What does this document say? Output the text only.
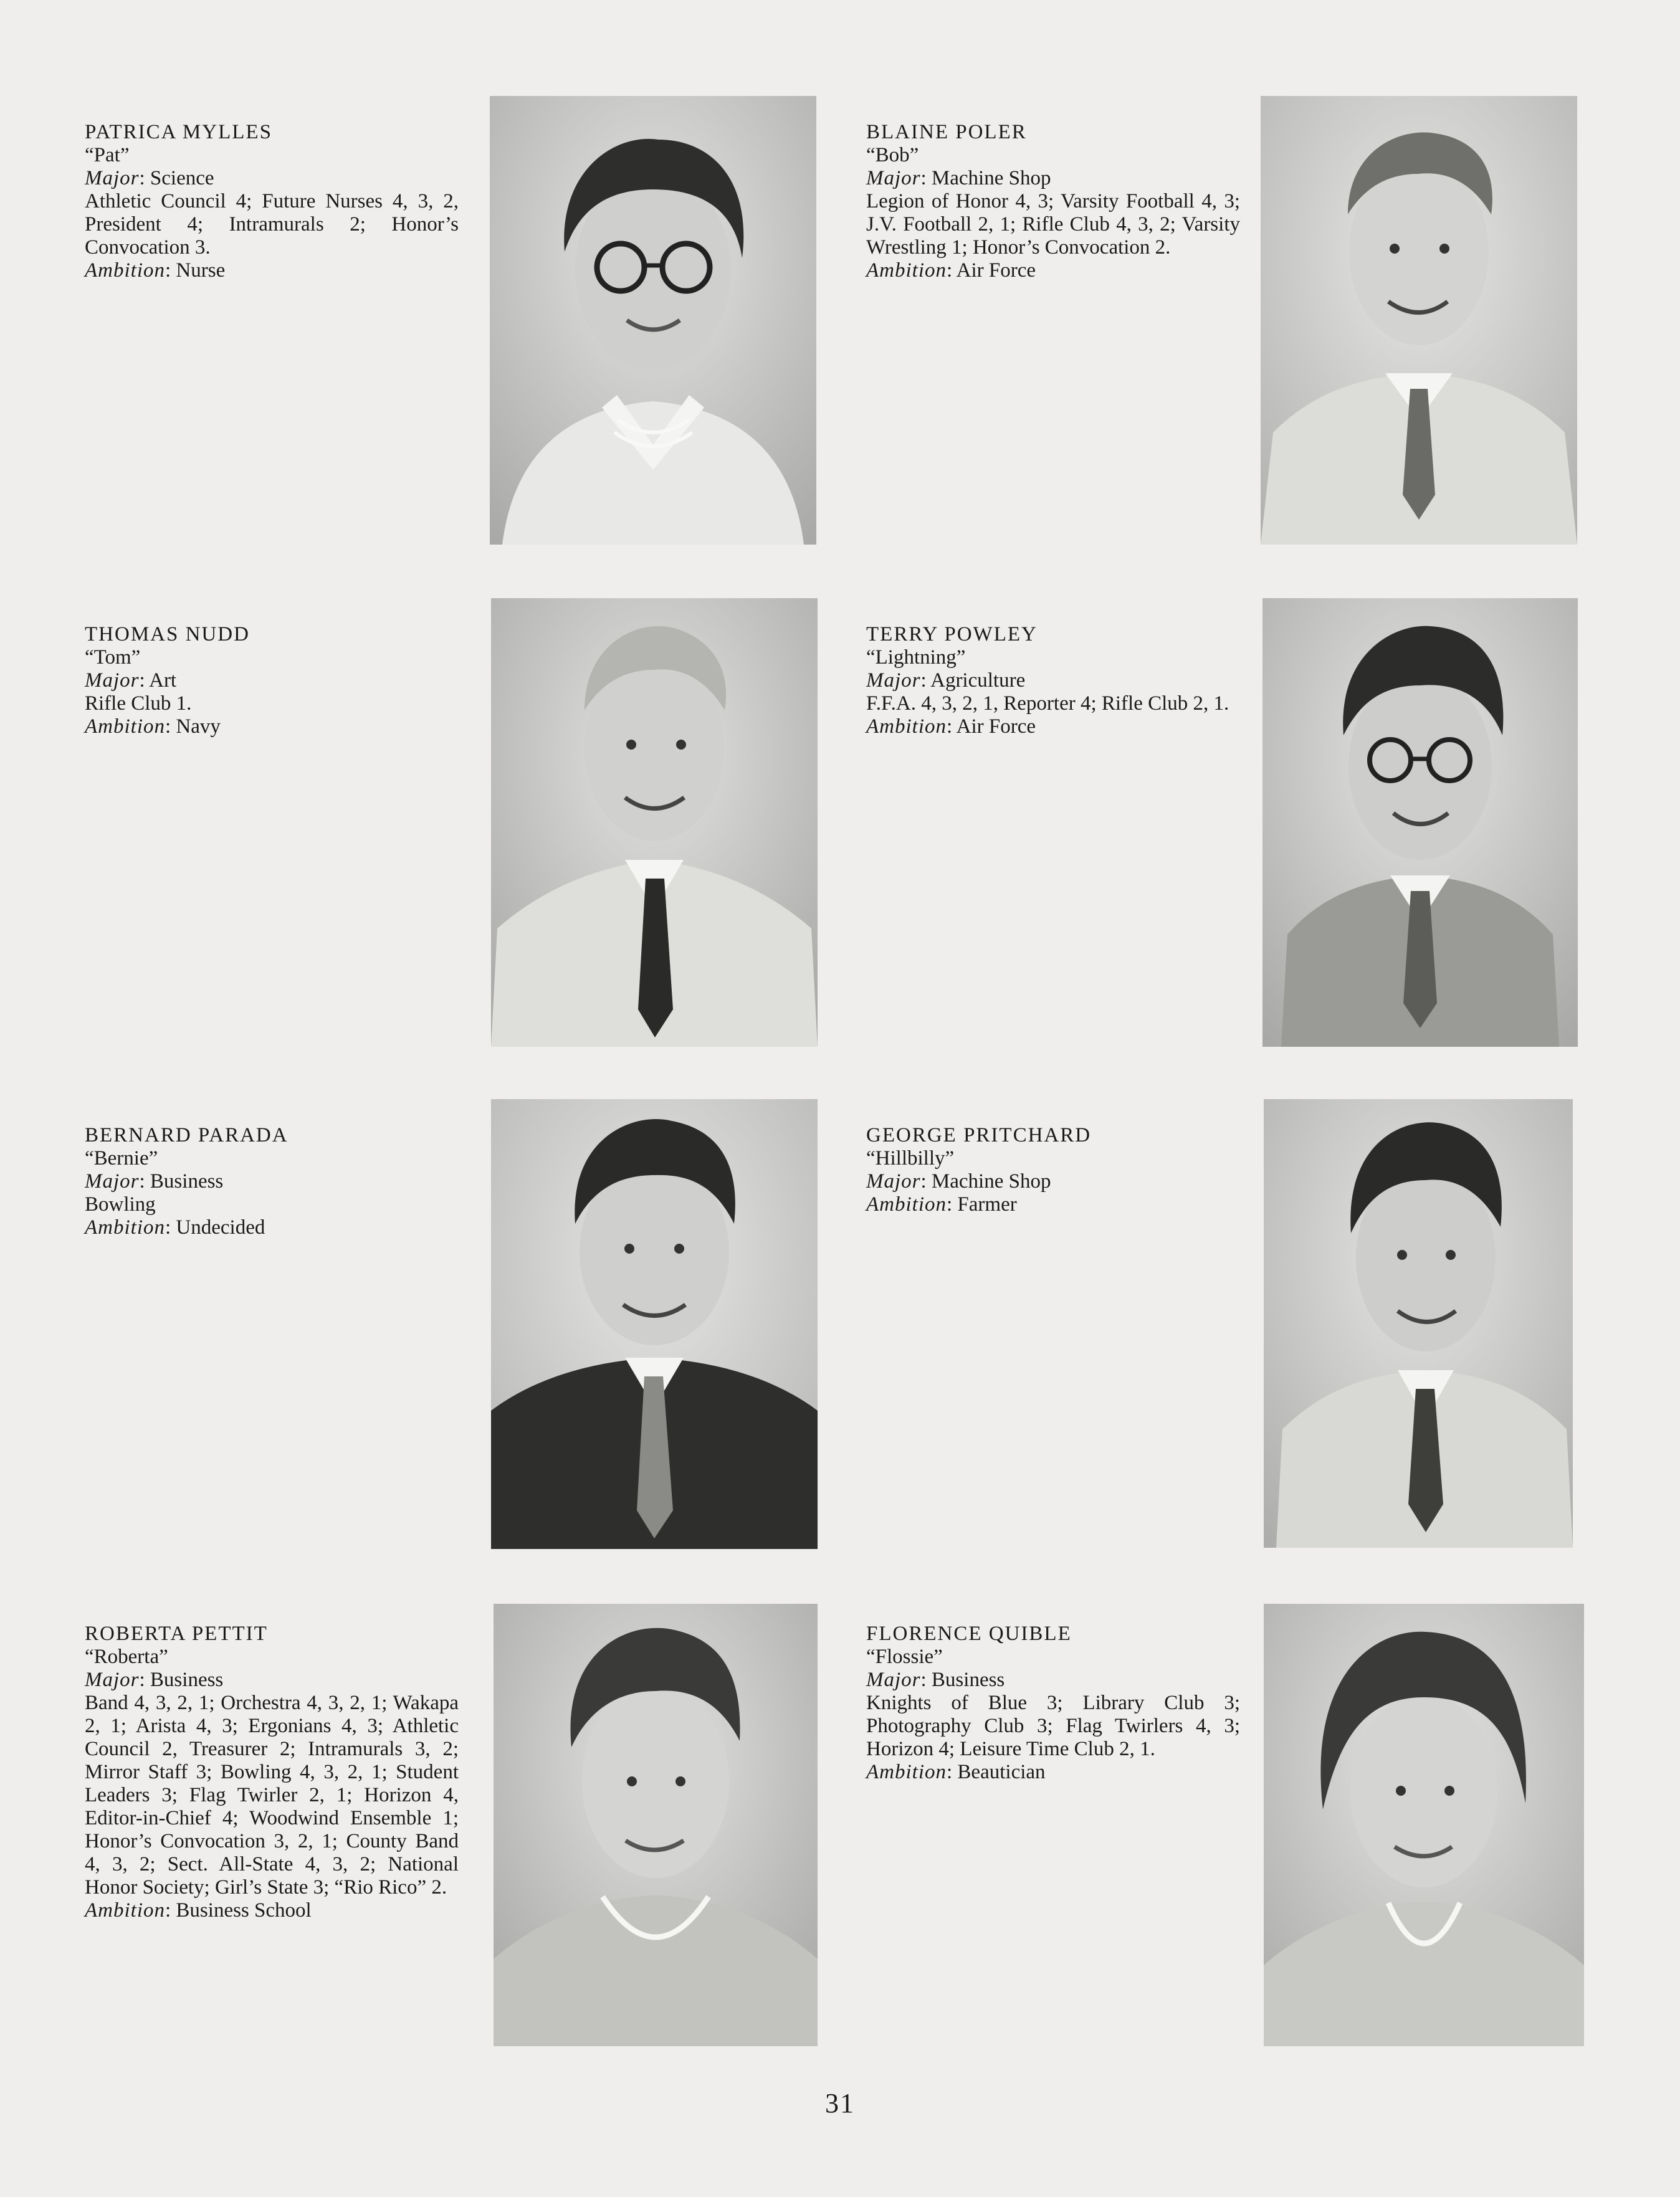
PATRICA MYLLES
“Pat”
Major: Science
Athletic Council 4; Future Nurses 4, 3, 2, President 4; Intramurals 2; Honor’s Convocation 3.
Ambition: Nurse
BLAINE POLER
“Bob”
Major: Machine Shop
Legion of Honor 4, 3; Varsity Football 4, 3; J.V. Football 2, 1; Rifle Club 4, 3, 2; Varsity Wrestling 1; Honor’s Convocation 2.
Ambition: Air Force
THOMAS NUDD
“Tom”
Major: Art
Rifle Club 1.
Ambition: Navy
TERRY POWLEY
“Lightning”
Major: Agriculture
F.F.A. 4, 3, 2, 1, Reporter 4; Rifle Club 2, 1.
Ambition: Air Force
BERNARD PARADA
“Bernie”
Major: Business
Bowling
Ambition: Undecided
GEORGE PRITCHARD
“Hillbilly”
Major: Machine Shop
Ambition: Farmer
ROBERTA PETTIT
“Roberta”
Major: Business
Band 4, 3, 2, 1; Orchestra 4, 3, 2, 1; Wakapa 2, 1; Arista 4, 3; Ergonians 4, 3; Athletic Council 2, Treasurer 2; Intramurals 3, 2; Mirror Staff 3; Bowling 4, 3, 2, 1; Student Leaders 3; Flag Twirler 2, 1; Horizon 4, Editor-in-Chief 4; Woodwind Ensemble 1; Honor’s Convocation 3, 2, 1; County Band 4, 3, 2; Sect. All-State 4, 3, 2; National Honor Society; Girl’s State 3; “Rio Rico” 2.
Ambition: Business School
FLORENCE QUIBLE
“Flossie”
Major: Business
Knights of Blue 3; Library Club 3; Photography Club 3; Flag Twirlers 4, 3; Horizon 4; Leisure Time Club 2, 1.
Ambition: Beautician
31
